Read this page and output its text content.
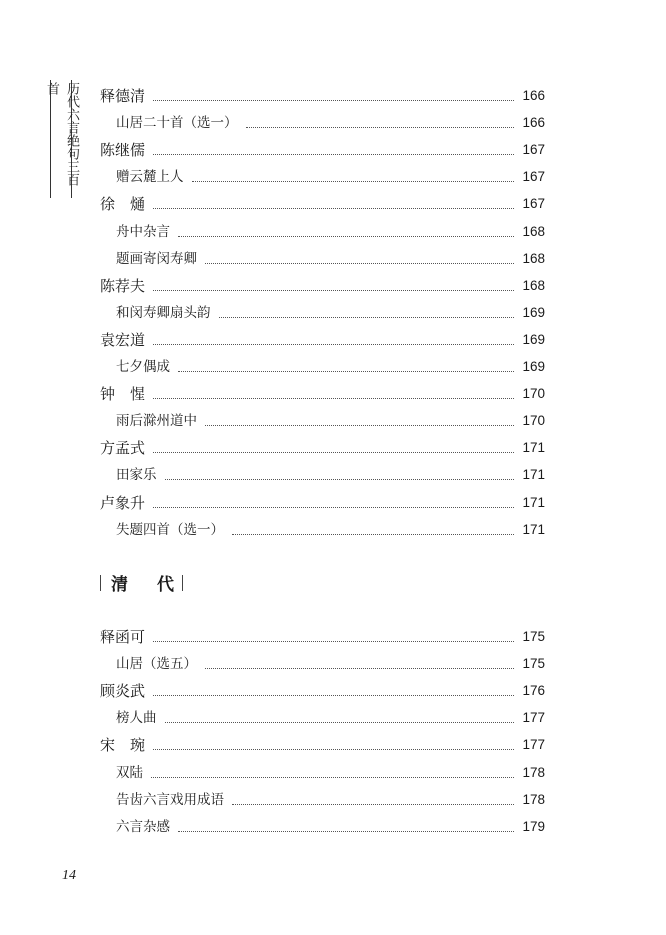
历代六言绝句三百首	释德清	166
山居二十首（选一）	166
陈继儒	167
赠云麓上人	167
徐　熥	167
舟中杂言	168
题画寄闵寿卿	168
陈荐夫	168
和闵寿卿扇头韵	169
袁宏道	169
七夕偶成	169
钟　惺	170
雨后滁州道中	170
方孟式	171
田家乐	171
卢象升	171
失题四首（选一）	171
清　代
释函可	175
山居（选五）	175
顾炎武	176
榜人曲	177
宋　琬	177
双陆	178
告齿六言戏用成语	178
六言杂感	179
14
